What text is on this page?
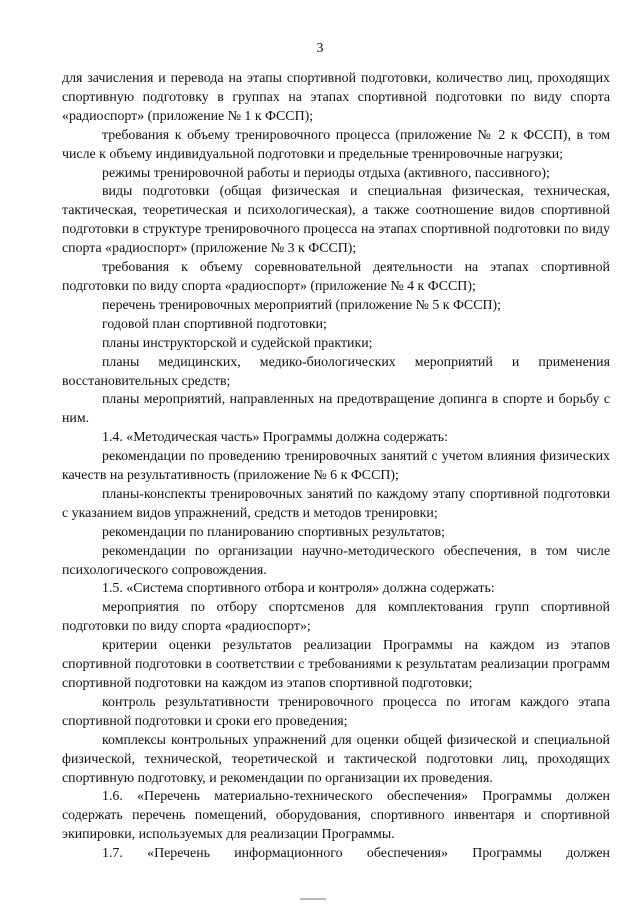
3

для зачисления и перевода на этапы спортивной подготовки, количество лиц, проходящих спортивную подготовку в группах на этапах спортивной подготовки по виду спорта «радиоспорт» (приложение № 1 к ФССП);

требования к объему тренировочного процесса (приложение № 2 к ФССП), в том числе к объему индивидуальной подготовки и предельные тренировочные нагрузки;

режимы тренировочной работы и периоды отдыха (активного, пассивного);

виды подготовки (общая физическая и специальная физическая, техническая, тактическая, теоретическая и психологическая), а также соотношение видов спортивной подготовки в структуре тренировочного процесса на этапах спортивной подготовки по виду спорта «радиоспорт» (приложение № 3 к ФССП);

требования к объему соревновательной деятельности на этапах спортивной подготовки по виду спорта «радиоспорт» (приложение № 4 к ФССП);

перечень тренировочных мероприятий (приложение № 5 к ФССП);

годовой план спортивной подготовки;

планы инструкторской и судейской практики;

планы медицинских, медико-биологических мероприятий и применения восстановительных средств;

планы мероприятий, направленных на предотвращение допинга в спорте и борьбу с ним.

1.4. «Методическая часть» Программы должна содержать:

рекомендации по проведению тренировочных занятий с учетом влияния физических качеств на результативность (приложение № 6 к ФССП);

планы-конспекты тренировочных занятий по каждому этапу спортивной подготовки с указанием видов упражнений, средств и методов тренировки;

рекомендации по планированию спортивных результатов;

рекомендации по организации научно-методического обеспечения, в том числе психологического сопровождения.

1.5. «Система спортивного отбора и контроля» должна содержать:

мероприятия по отбору спортсменов для комплектования групп спортивной подготовки по виду спорта «радиоспорт»;

критерии оценки результатов реализации Программы на каждом из этапов спортивной подготовки в соответствии с требованиями к результатам реализации программ спортивной подготовки на каждом из этапов спортивной подготовки;

контроль результативности тренировочного процесса по итогам каждого этапа спортивной подготовки и сроки его проведения;

комплексы контрольных упражнений для оценки общей физической и специальной физической, технической, теоретической и тактической подготовки лиц, проходящих спортивную подготовку, и рекомендации по организации их проведения.

1.6. «Перечень материально-технического обеспечения» Программы должен содержать перечень помещений, оборудования, спортивного инвентаря и спортивной экипировки, используемых для реализации Программы.

1.7. «Перечень информационного обеспечения» Программы должен
